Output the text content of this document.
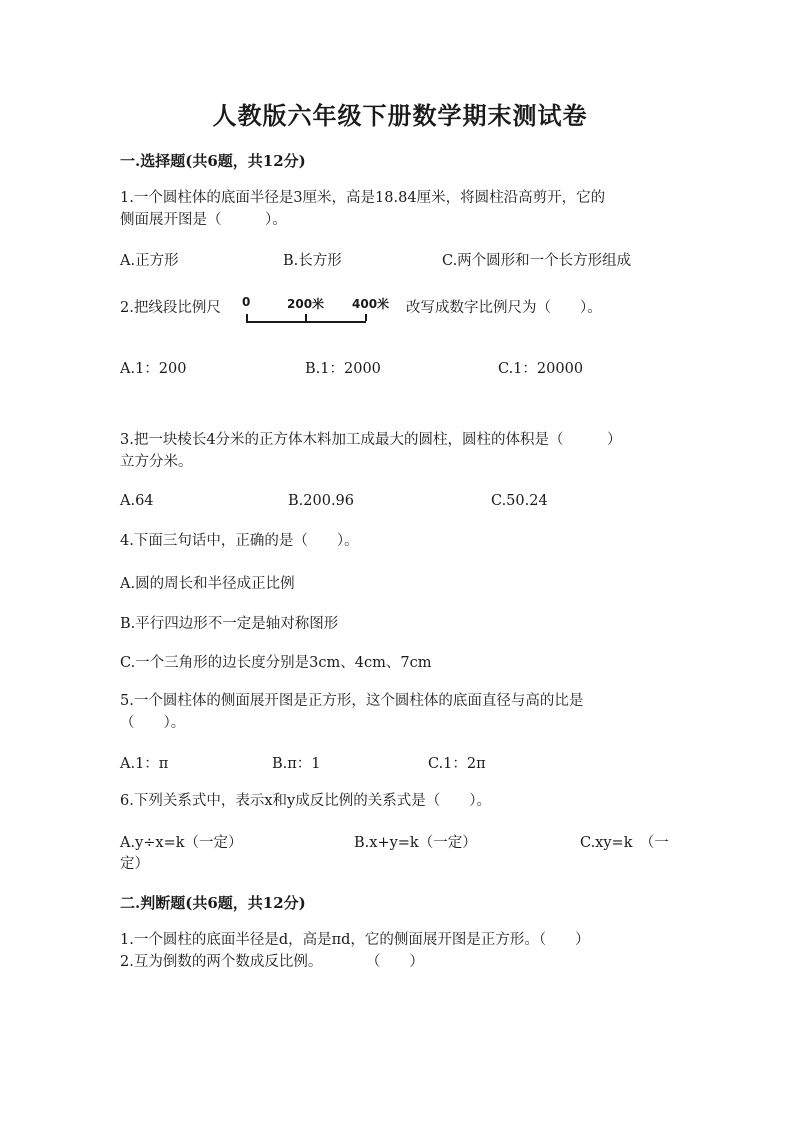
人教版六年级下册数学期末测试卷
一.选择题(共6题，共12分)
1.一个圆柱体的底面半径是3厘米，高是18.84厘米，将圆柱沿高剪开，它的
侧面展开图是（　　　）。
A.正方形	B.长方形	C.两个圆形和一个长方形组成
2.把线段比例尺 0	200米 400米 改写成数字比例尺为（　　）。
A.1：200	B.1：2000	C.1：20000
3.把一块棱长4分米的正方体木料加工成最大的圆柱，圆柱的体积是（　　　）
立方分米。
A.64	B.200.96	C.50.24
4.下面三句话中，正确的是（　　）。
A.圆的周长和半径成正比例
B.平行四边形不一定是轴对称图形
C.一个三角形的边长度分别是3cm、4cm、7cm
5.一个圆柱体的侧面展开图是正方形，这个圆柱体的底面直径与高的比是
（　　）。
A.1：π	B.π：1	C.1：2π
6.下列关系式中，表示x和y成反比例的关系式是（　　）。
A.y÷x=k（一定）	B.x+y=k（一定）	C.xy=k　（一
定）
二.判断题(共6题，共12分)
1.一个圆柱的底面半径是d，高是πd，它的侧面展开图是正方形。（　　）
2.互为倒数的两个数成反比例。　　　　（　　）
